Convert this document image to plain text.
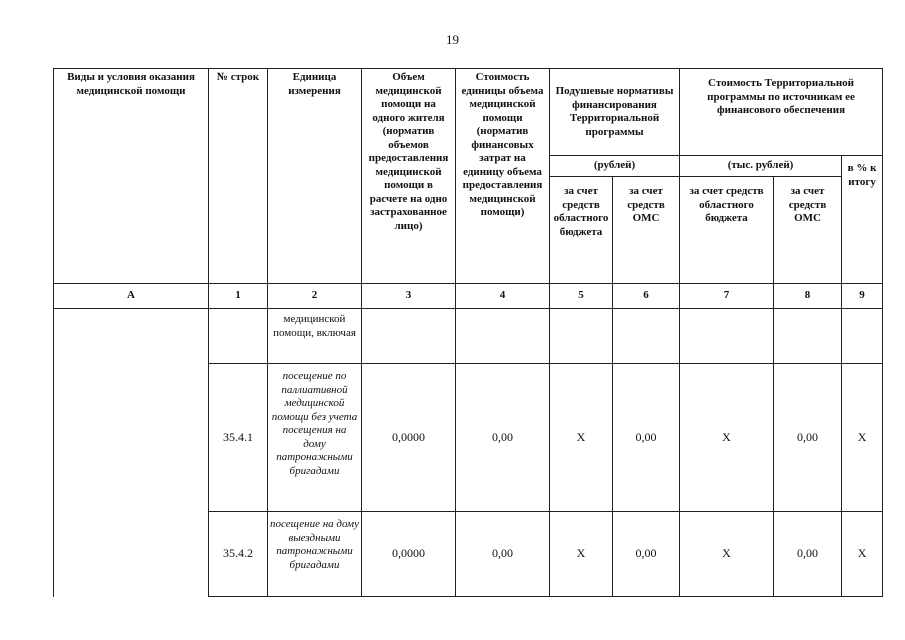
19
Виды и условия оказания медицинской помощи	№ строк	Единица измерения	Объем медицинской помощи на одного жителя (норматив объемов предоставления медицинской помощи в расчете на одно застрахованное лицо)	Стоимость единицы объема медицинской помощи (норматив финансовых затрат на единицу объема предоставления медицинской помощи)	Подушевые нормативы финансирования Территориальной программы		Стоимость Территориальной программы по источникам ее финансового обеспечения		
					(рублей)		(тыс. рублей)		в % к итогу
					за счет средств областного бюджета	за счет средств ОМС	за счет средств областного бюджета	за счет средств ОМС	
А	1	2	3	4	5	6	7	8	9
		медицинской помощи, включая							
	35.4.1	посещение по паллиативной медицинской помощи без учета посещения на дому патронажными бригадами	0,0000	0,00	X	0,00	X	0,00	X
	35.4.2	посещение на дому выездными патронажными бригадами	0,0000	0,00	X	0,00	X	0,00	X
